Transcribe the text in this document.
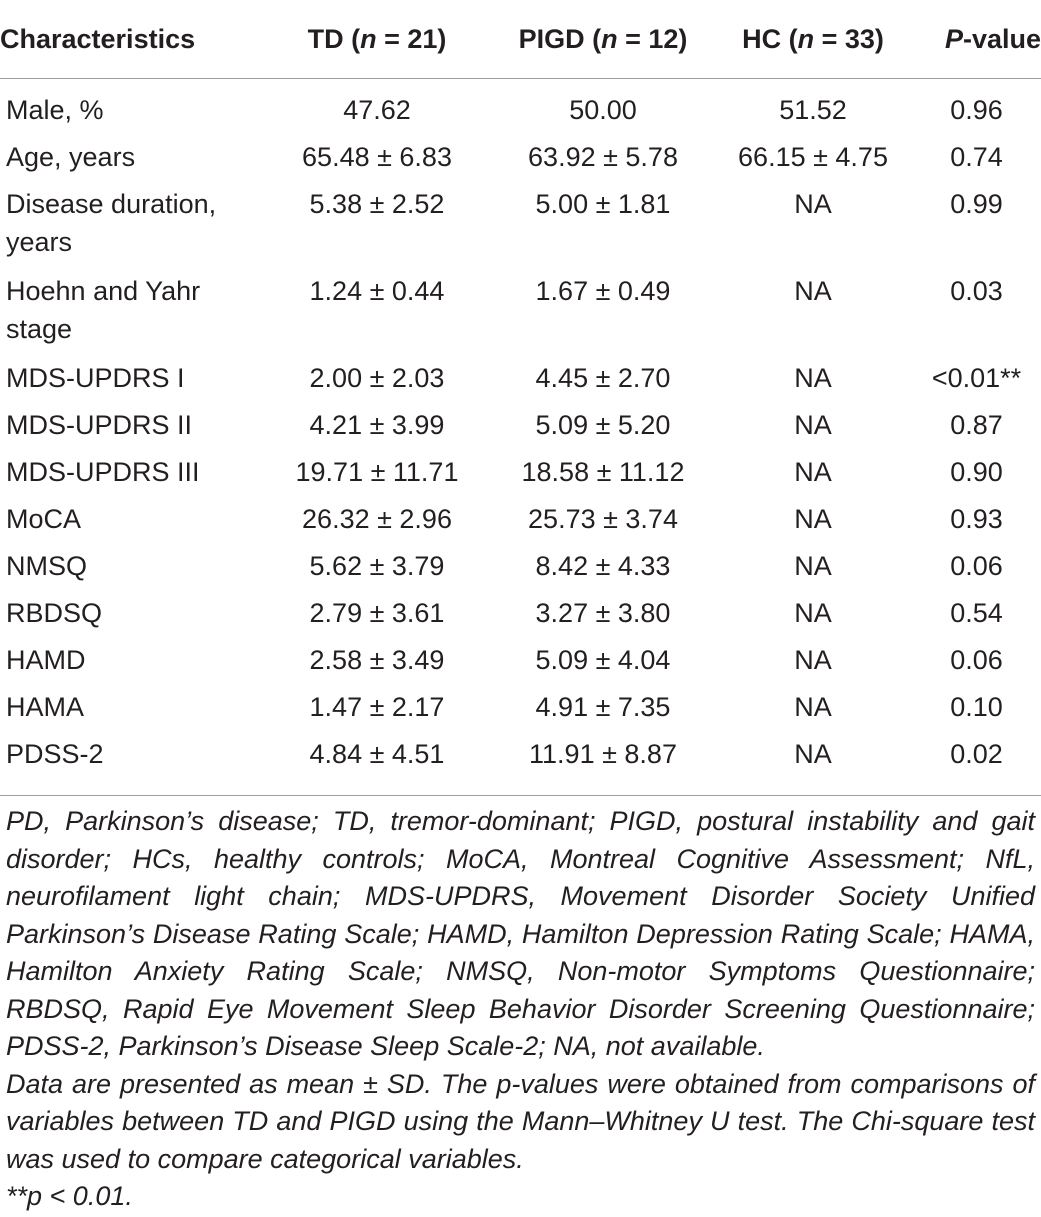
Characteristics	TD (n = 21)	PIGD (n = 12)	HC (n = 33)	P-value
Male, %	47.62	50.00	51.52	0.96
Age, years	65.48 ± 6.83	63.92 ± 5.78	66.15 ± 4.75	0.74
Disease duration,
years	5.38 ± 2.52	5.00 ± 1.81	NA	0.99
Hoehn and Yahr
stage	1.24 ± 0.44	1.67 ± 0.49	NA	0.03
MDS-UPDRS I	2.00 ± 2.03	4.45 ± 2.70	NA	<0.01**
MDS-UPDRS II	4.21 ± 3.99	5.09 ± 5.20	NA	0.87
MDS-UPDRS III	19.71 ± 11.71	18.58 ± 11.12	NA	0.90
MoCA	26.32 ± 2.96	25.73 ± 3.74	NA	0.93
NMSQ	5.62 ± 3.79	8.42 ± 4.33	NA	0.06
RBDSQ	2.79 ± 3.61	3.27 ± 3.80	NA	0.54
HAMD	2.58 ± 3.49	5.09 ± 4.04	NA	0.06
HAMA	1.47 ± 2.17	4.91 ± 7.35	NA	0.10
PDSS-2	4.84 ± 4.51	11.91 ± 8.87	NA	0.02

PD, Parkinson’s disease; TD, tremor-dominant; PIGD, postural instability and gait disorder; HCs, healthy controls; MoCA, Montreal Cognitive Assessment; NfL, neurofilament light chain; MDS-UPDRS, Movement Disorder Society Unified Parkinson’s Disease Rating Scale; HAMD, Hamilton Depression Rating Scale; HAMA, Hamilton Anxiety Rating Scale; NMSQ, Non-motor Symptoms Questionnaire; RBDSQ, Rapid Eye Movement Sleep Behavior Disorder Screening Questionnaire; PDSS-2, Parkinson’s Disease Sleep Scale-2; NA, not available.

Data are presented as mean ± SD. The p-values were obtained from comparisons of variables between TD and PIGD using the Mann–Whitney U test. The Chi-square test was used to compare categorical variables.

**p < 0.01.
